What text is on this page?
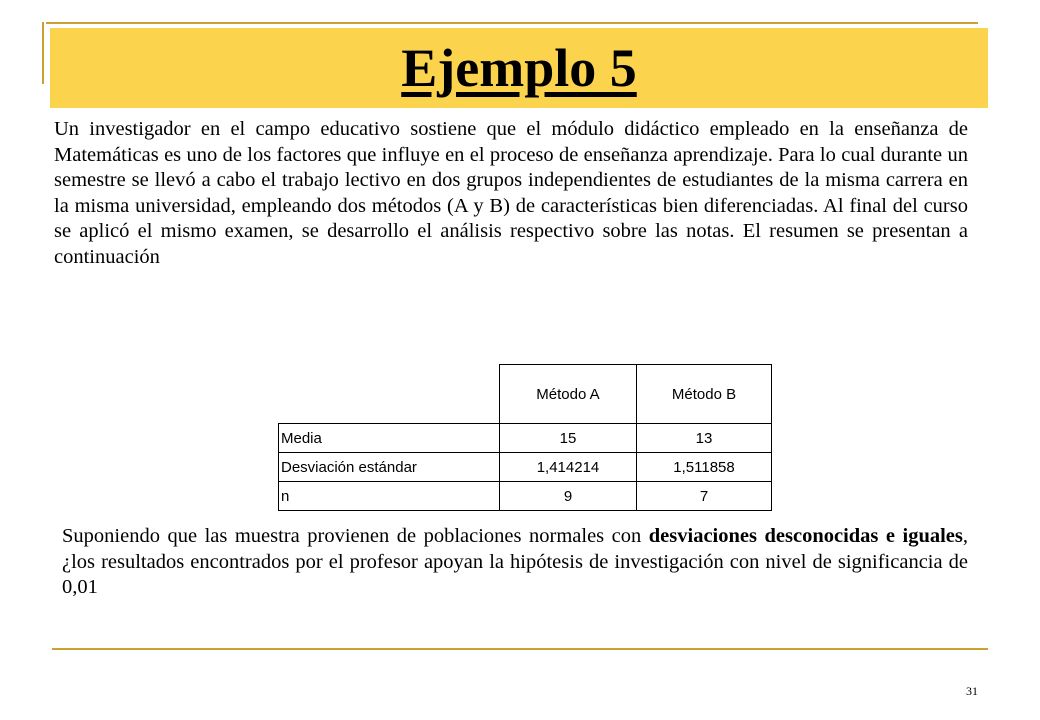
Ejemplo 5

Un investigador en el campo educativo sostiene que el módulo didáctico empleado en la enseñanza de Matemáticas es uno de los factores que influye en el proceso de enseñanza aprendizaje. Para lo cual durante un semestre se llevó a cabo el trabajo lectivo en dos grupos independientes de estudiantes de la misma carrera en la misma universidad, empleando dos métodos (A y B) de características bien diferenciadas. Al final del curso se aplicó el mismo examen, se desarrollo el análisis respectivo sobre las notas. El resumen se presentan a continuación

	Método A	Método B
Media	15	13
Desviación estándar	1,414214	1,511858
n	9	7

Suponiendo que las muestra provienen de poblaciones normales con desviaciones desconocidas e iguales, ¿los resultados encontrados por el profesor apoyan la hipótesis de investigación con nivel de significancia de 0,01

31
